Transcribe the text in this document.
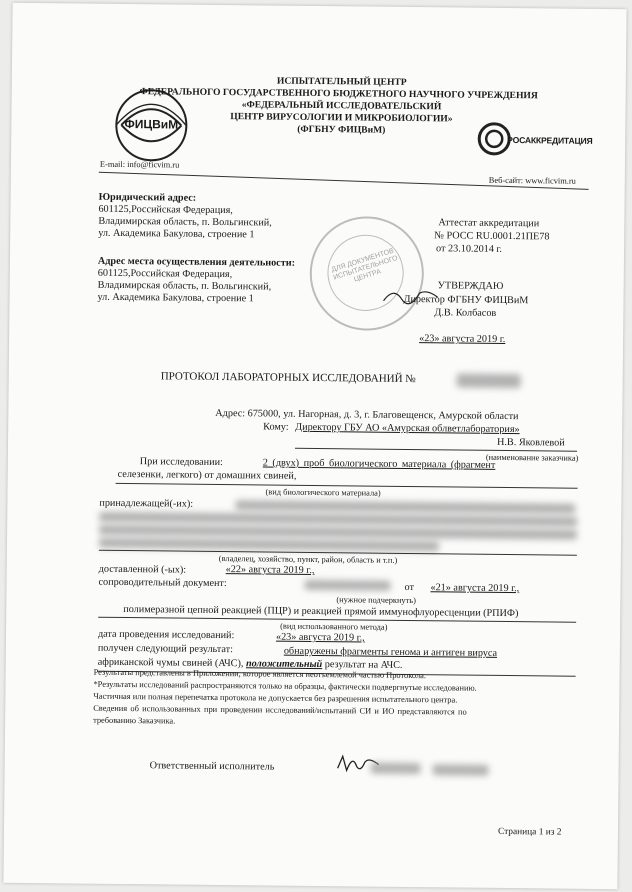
ФИЦВиМ
ИСПЫТАТЕЛЬНЫЙ ЦЕНТР
ФЕДЕРАЛЬНОГО ГОСУДАРСТВЕННОГО БЮДЖЕТНОГО НАУЧНОГО УЧРЕЖДЕНИЯ
«ФЕДЕРАЛЬНЫЙ ИССЛЕДОВАТЕЛЬСКИЙ
ЦЕНТР ВИРУСОЛОГИИ И МИКРОБИОЛОГИИ»
(ФГБНУ ФИЦВиМ)
РОСАККРЕДИТАЦИЯ
E-mail: info@ficvim.ru
Веб-сайт: www.ficvim.ru
Юридический адрес:
601125,Российская Федерация,
Владимирская область, п. Вольгинский,
ул. Академика Бакулова, строение 1
Адрес места осуществления деятельности:
601125,Российская Федерация,
Владимирская область, п. Вольгинский,
ул. Академика Бакулова, строение 1
Аттестат аккредитации
№ РОСС RU.0001.21ПЕ78
от 23.10.2014 г.
ДЛЯ ДОКУМЕНТОВ ИСПЫТАТЕЛЬНОГО ЦЕНТРА
УТВЕРЖДАЮ
Директор ФГБНУ ФИЦВиМ
Д.В. Колбасов
«23» августа 2019 г.
ПРОТОКОЛ ЛАБОРАТОРНЫХ ИССЛЕДОВАНИЙ №
Адрес: 675000, ул. Нагорная, д. 3, г. Благовещенск, Амурской области
Кому: Директору ГБУ АО «Амурская облветлаборатория»
Н.В. Яковлевой
(наименование заказчика)
При исследовании:	2 (двух) проб биологического материала (фрагмент
селезенки, легкого) от домашних свиней,
(вид биологического материала)
принадлежащей(-их):
(владелец, хозяйство, пункт, район, область и т.п.)
доставленной (-ых):	«22» августа 2019 г.,
сопроводительный документ:	от «21» августа 2019 г.,
(нужное подчеркнуть)
полимеразной цепной реакцией (ПЦР) и реакцией прямой иммунофлуоресценции (РПИФ)
(вид использованного метода)
дата проведения исследований:	«23» августа 2019 г.,
получен следующий результат:	обнаружены фрагменты генома и антиген вируса
африканской чумы свиней (АЧС), положительный результат на АЧС.
Результаты представлены в Приложении, которое является неотъемлемой частью Протокола.
*Результаты исследований распространяются только на образцы, фактически подвергнутые исследованию.
Частичная или полная перепечатка протокола не допускается без разрешения испытательного центра.
Сведения об использованных при проведении исследований/испытаний СИ и ИО представляются по
требованию Заказчика.
Ответственный исполнитель
Страница 1 из 2
